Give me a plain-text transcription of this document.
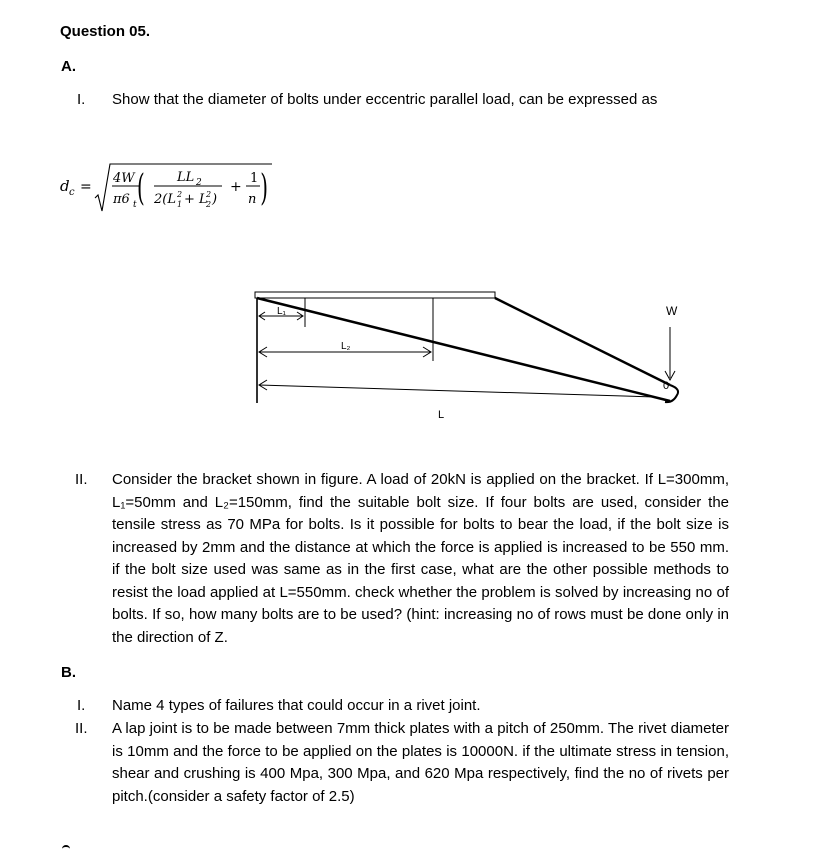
Question 05.
A.
I. Show that the diameter of bolts under eccentric parallel load, can be expressed as
d c =
4W
π6 t ( LL 2
2(L 2
1 + L
2
2 )
+
1
n )
0
L₁
L₂
L
W
II. Consider the bracket shown in figure. A load of 20kN is applied on the bracket. If L=300mm, L₁=50mm and L₂=150mm, find the suitable bolt size. If four bolts are used, consider the tensile stress as 70 MPa for bolts. Is it possible for bolts to bear the load, if the bolt size is increased by 2mm and the distance at which the force is applied is increased to be 550 mm. if the bolt size used was same as in the first case, what are the other possible methods to resist the load applied at L=550mm. check whether the problem is solved by increasing no of bolts. If so, how many bolts are to be used? (hint: increasing no of rows must be done only in the direction of Z.
B.
I. Name 4 types of failures that could occur in a rivet joint.
II. A lap joint is to be made between 7mm thick plates with a pitch of 250mm. The rivet diameter is 10mm and the force to be applied on the plates is 10000N. if the ultimate stress in tension, shear and crushing is 400 Mpa, 300 Mpa, and 620 Mpa respectively, find the no of rivets per pitch.(consider a safety factor of 2.5)
